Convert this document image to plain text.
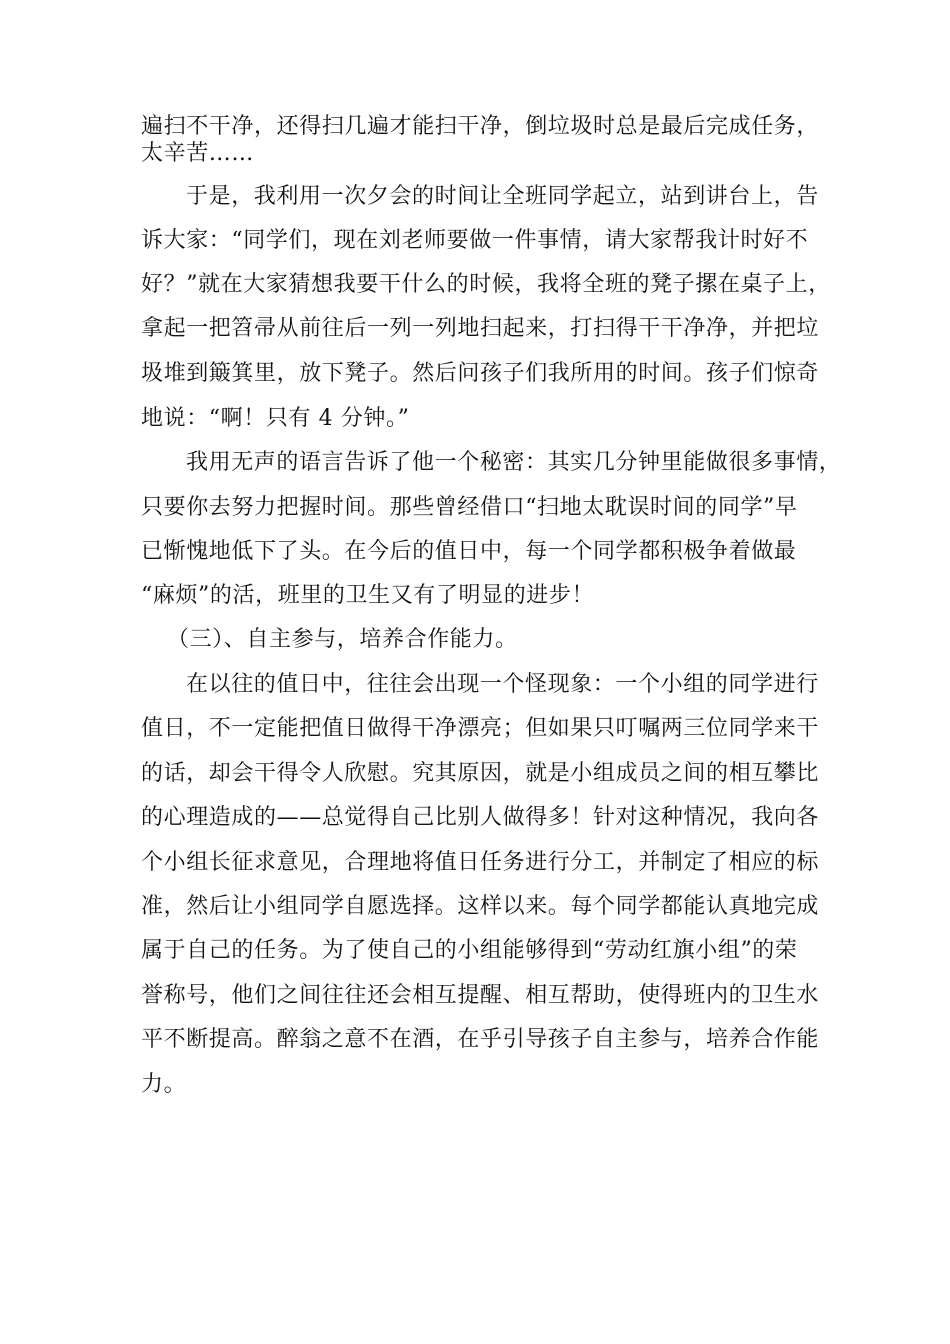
遍扫不干净，还得扫几遍才能扫干净，倒垃圾时总是最后完成任务，
太辛苦……
于是，我利用一次夕会的时间让全班同学起立，站到讲台上，告
诉大家：“同学们，现在刘老师要做一件事情，请大家帮我计时好不
好？”就在大家猜想我要干什么的时候，我将全班的凳子摞在桌子上，
拿起一把笤帚从前往后一列一列地扫起来，打扫得干干净净，并把垃
圾堆到簸箕里，放下凳子。然后问孩子们我所用的时间。孩子们惊奇
地说：“啊！只有 4 分钟。”
我用无声的语言告诉了他一个秘密：其实几分钟里能做很多事情，
只要你去努力把握时间。那些曾经借口“扫地太耽误时间的同学”早
已惭愧地低下了头。在今后的值日中，每一个同学都积极争着做最
“麻烦”的活，班里的卫生又有了明显的进步！
（三）、自主参与，培养合作能力。
在以往的值日中，往往会出现一个怪现象：一个小组的同学进行
值日，不一定能把值日做得干净漂亮；但如果只叮嘱两三位同学来干
的话，却会干得令人欣慰。究其原因，就是小组成员之间的相互攀比
的心理造成的——总觉得自己比别人做得多！针对这种情况，我向各
个小组长征求意见，合理地将值日任务进行分工，并制定了相应的标
准，然后让小组同学自愿选择。这样以来。每个同学都能认真地完成
属于自己的任务。为了使自己的小组能够得到“劳动红旗小组”的荣
誉称号，他们之间往往还会相互提醒、相互帮助，使得班内的卫生水
平不断提高。醉翁之意不在酒，在乎引导孩子自主参与，培养合作能
力。
